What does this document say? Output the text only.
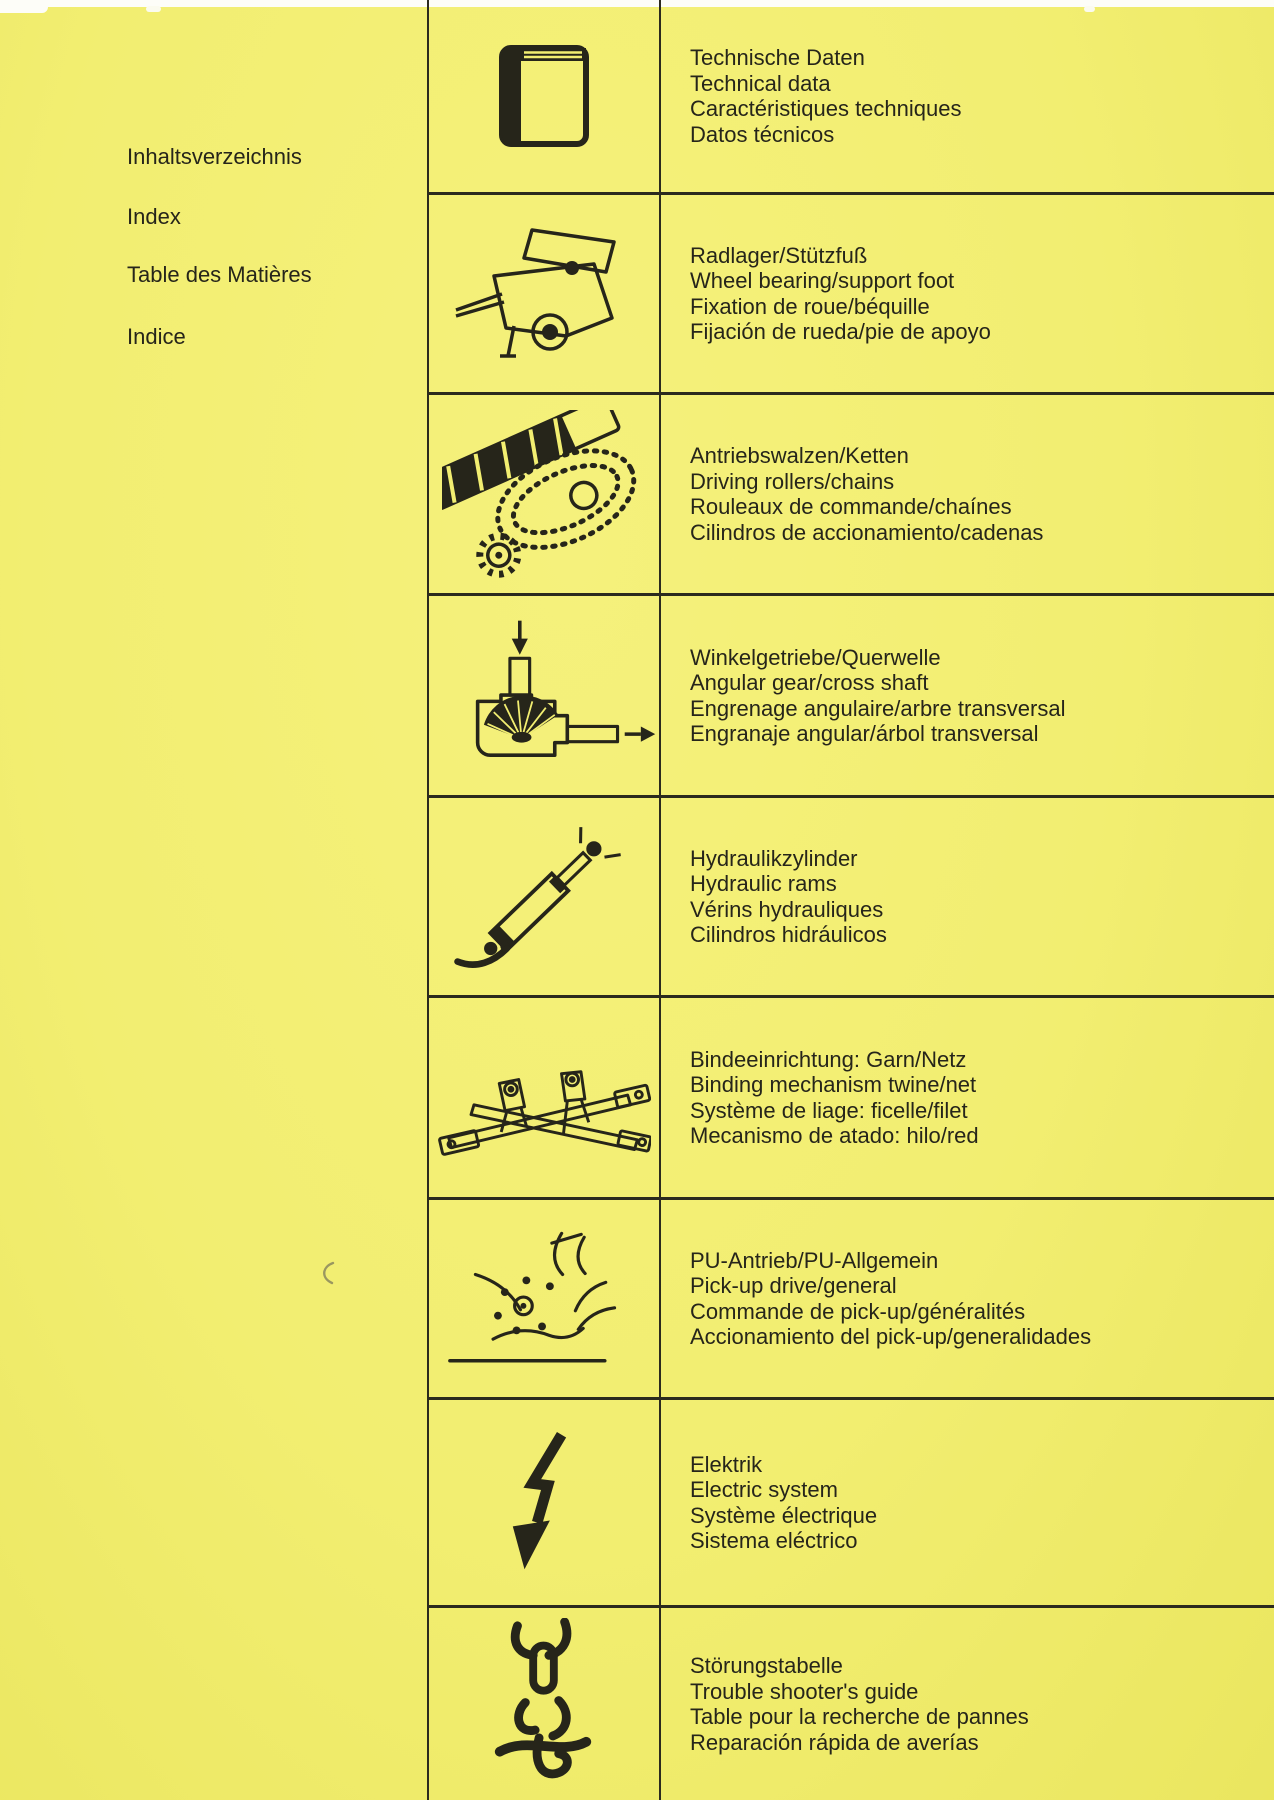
Inhaltsverzeichnis
Index
Table des Matières
Indice
Technische Daten
Technical data
Caractéristiques techniques
Datos técnicos
Radlager/Stützfuß
Wheel bearing/support foot
Fixation de roue/béquille
Fijación de rueda/pie de apoyo
Antriebswalzen/Ketten
Driving rollers/chains
Rouleaux de commande/chaínes
Cilindros de accionamiento/cadenas
Winkelgetriebe/Querwelle
Angular gear/cross shaft
Engrenage angulaire/arbre transversal
Engranaje angular/árbol transversal
Hydraulikzylinder
Hydraulic rams
Vérins hydrauliques
Cilindros hidráulicos
Bindeeinrichtung: Garn/Netz
Binding mechanism twine/net
Système de liage: ficelle/filet
Mecanismo de atado: hilo/red
PU-Antrieb/PU-Allgemein
Pick-up drive/general
Commande de pick-up/généralités
Accionamiento del pick-up/generalidades
Elektrik
Electric system
Système électrique
Sistema eléctrico
Störungstabelle
Trouble shooter's guide
Table pour la recherche de pannes
Reparación rápida de averías
